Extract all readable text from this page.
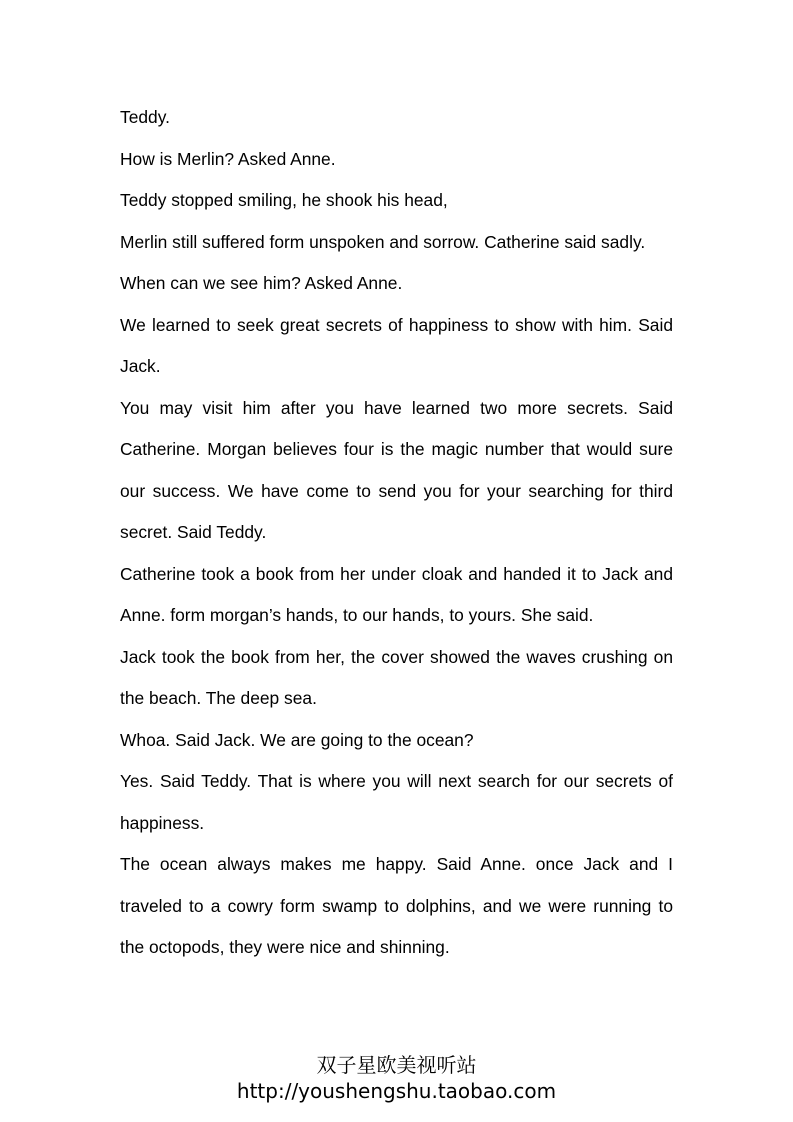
Teddy.

How is Merlin? Asked Anne.

Teddy stopped smiling, he shook his head,

Merlin still suffered form unspoken and sorrow. Catherine said sadly.

When can we see him? Asked Anne.

We learned to seek great secrets of happiness to show with him. Said Jack.

You may visit him after you have learned two more secrets. Said Catherine. Morgan believes four is the magic number that would sure our success. We have come to send you for your searching for third secret. Said Teddy.

Catherine took a book from her under cloak and handed it to Jack and Anne. form morgan’s hands, to our hands, to yours. She said.

Jack took the book from her, the cover showed the waves crushing on the beach. The deep sea.

Whoa. Said Jack. We are going to the ocean?

Yes. Said Teddy. That is where you will next search for our secrets of happiness.

The ocean always makes me happy. Said Anne. once Jack and I traveled to a cowry form swamp to dolphins, and we were running to the octopods, they were nice and shinning.

双子星欧美视听站
http://youshengshu.taobao.com
